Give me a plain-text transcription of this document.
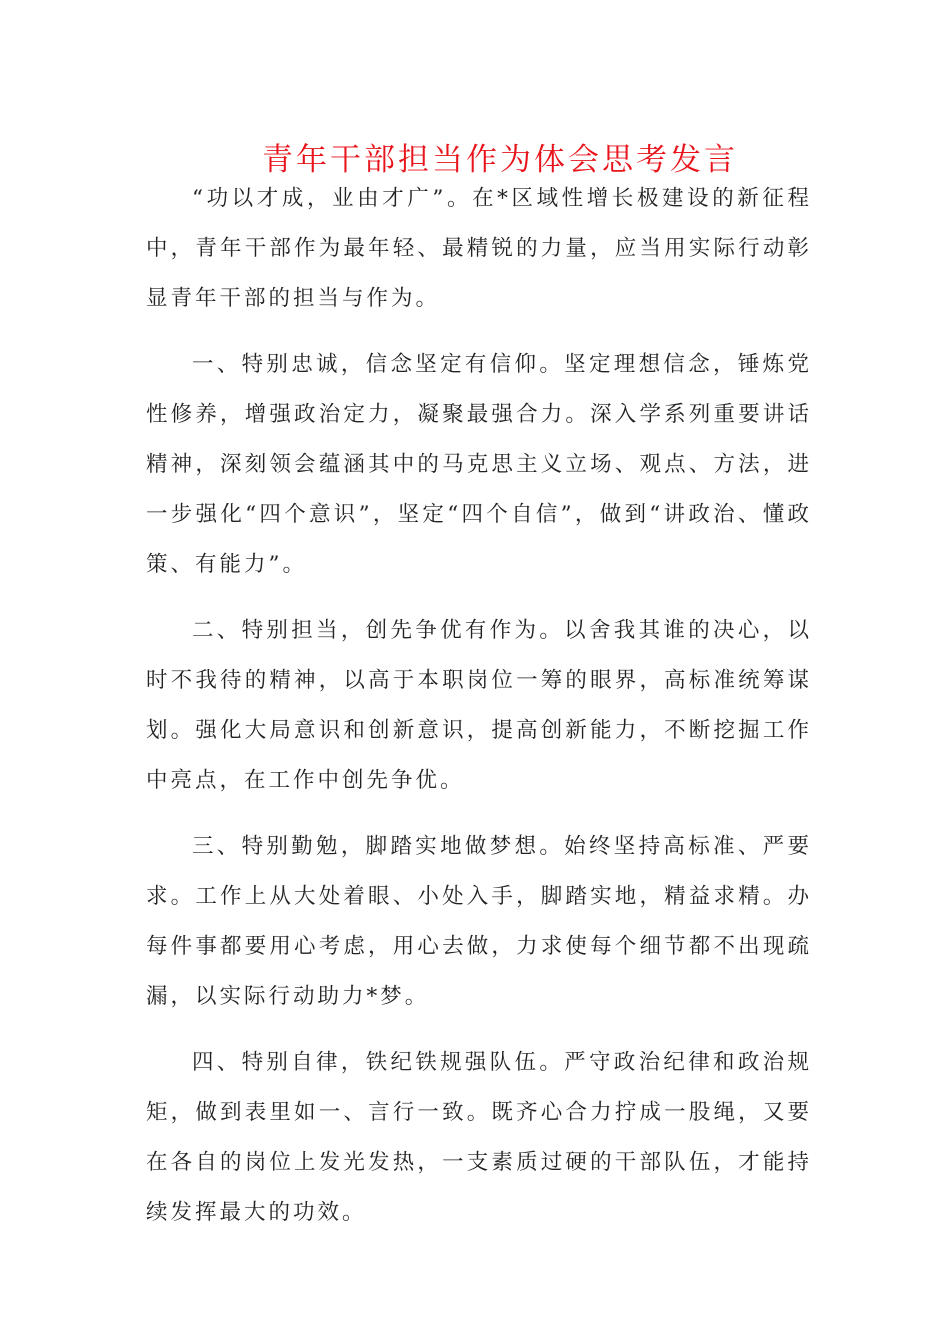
青年干部担当作为体会思考发言

“功以才成，业由才广”。在*区域性增长极建设的新征程中，青年干部作为最年轻、最精锐的力量，应当用实际行动彰显青年干部的担当与作为。

一、特别忠诚，信念坚定有信仰。坚定理想信念，锤炼党性修养，增强政治定力，凝聚最强合力。深入学系列重要讲话精神，深刻领会蕴涵其中的马克思主义立场、观点、方法，进一步强化“四个意识”，坚定“四个自信”，做到“讲政治、懂政策、有能力”。

二、特别担当，创先争优有作为。以舍我其谁的决心，以时不我待的精神，以高于本职岗位一筹的眼界，高标准统筹谋划。强化大局意识和创新意识，提高创新能力，不断挖掘工作中亮点，在工作中创先争优。

三、特别勤勉，脚踏实地做梦想。始终坚持高标准、严要求。工作上从大处着眼、小处入手，脚踏实地，精益求精。办每件事都要用心考虑，用心去做，力求使每个细节都不出现疏漏，以实际行动助力*梦。

四、特别自律，铁纪铁规强队伍。严守政治纪律和政治规矩，做到表里如一、言行一致。既齐心合力拧成一股绳，又要在各自的岗位上发光发热，一支素质过硬的干部队伍，才能持续发挥最大的功效。
